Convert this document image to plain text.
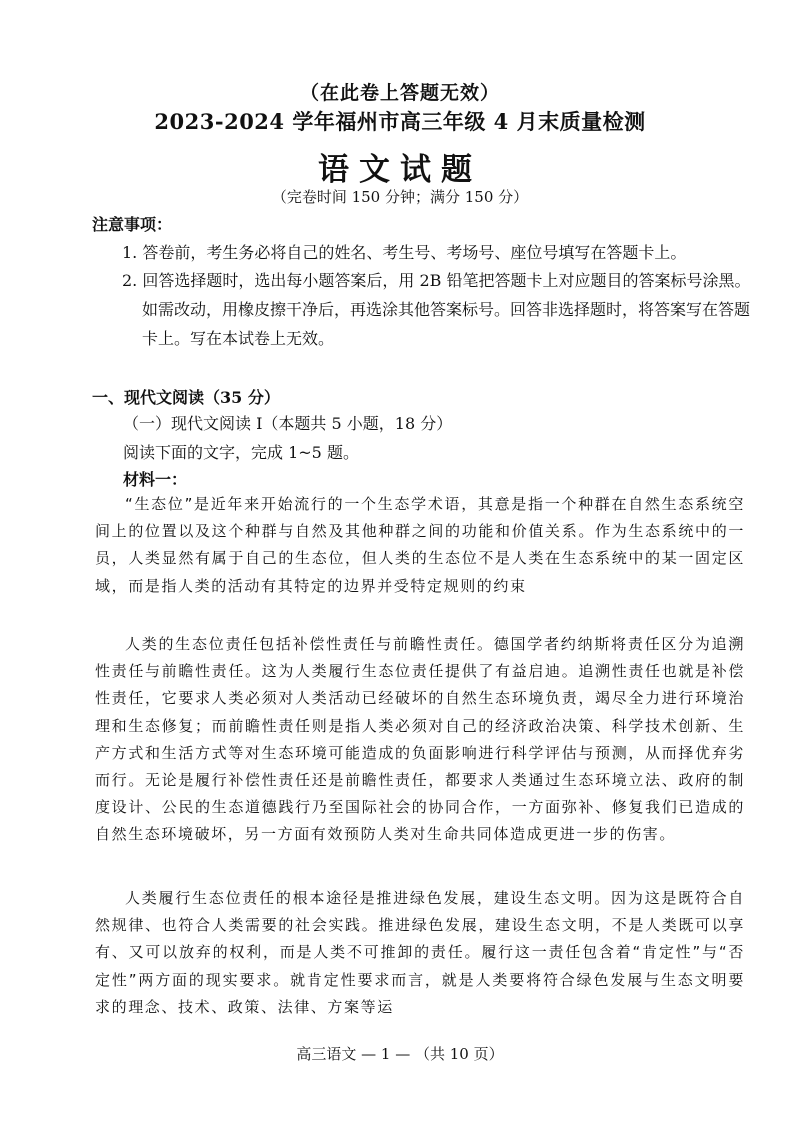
（在此卷上答题无效）
2023-2024 学年福州市高三年级 4 月末质量检测
语文试题
（完卷时间 150 分钟；满分 150 分）
注意事项：
1. 答卷前，考生务必将自己的姓名、考生号、考场号、座位号填写在答题卡上。
2. 回答选择题时，选出每小题答案后，用 2B 铅笔把答题卡上对应题目的答案标号涂黑。如需改动，用橡皮擦干净后，再选涂其他答案标号。回答非选择题时，将答案写在答题卡上。写在本试卷上无效。
一、现代文阅读（35 分）
（一）现代文阅读 I（本题共 5 小题，18 分）
阅读下面的文字，完成 1~5 题。
材料一：
“生态位”是近年来开始流行的一个生态学术语，其意是指一个种群在自然生态系统空间上的位置以及这个种群与自然及其他种群之间的功能和价值关系。作为生态系统中的一员，人类显然有属于自己的生态位，但人类的生态位不是人类在生态系统中的某一固定区域，而是指人类的活动有其特定的边界并受特定规则的约束
人类的生态位责任包括补偿性责任与前瞻性责任。德国学者约纳斯将责任区分为追溯性责任与前瞻性责任。这为人类履行生态位责任提供了有益启迪。追溯性责任也就是补偿性责任，它要求人类必须对人类活动已经破坏的自然生态环境负责，竭尽全力进行环境治理和生态修复；而前瞻性责任则是指人类必须对自己的经济政治决策、科学技术创新、生产方式和生活方式等对生态环境可能造成的负面影响进行科学评估与预测，从而择优弃劣而行。无论是履行补偿性责任还是前瞻性责任，都要求人类通过生态环境立法、政府的制度设计、公民的生态道德践行乃至国际社会的协同合作，一方面弥补、修复我们已造成的自然生态环境破坏，另一方面有效预防人类对生命共同体造成更进一步的伤害。
人类履行生态位责任的根本途径是推进绿色发展，建设生态文明。因为这是既符合自然规律、也符合人类需要的社会实践。推进绿色发展，建设生态文明，不是人类既可以享有、又可以放弃的权利，而是人类不可推卸的责任。履行这一责任包含着“肯定性”与“否定性”两方面的现实要求。就肯定性要求而言，就是人类要将符合绿色发展与生态文明要求的理念、技术、政策、法律、方案等运
高三语文 — 1 — （共 10 页）
